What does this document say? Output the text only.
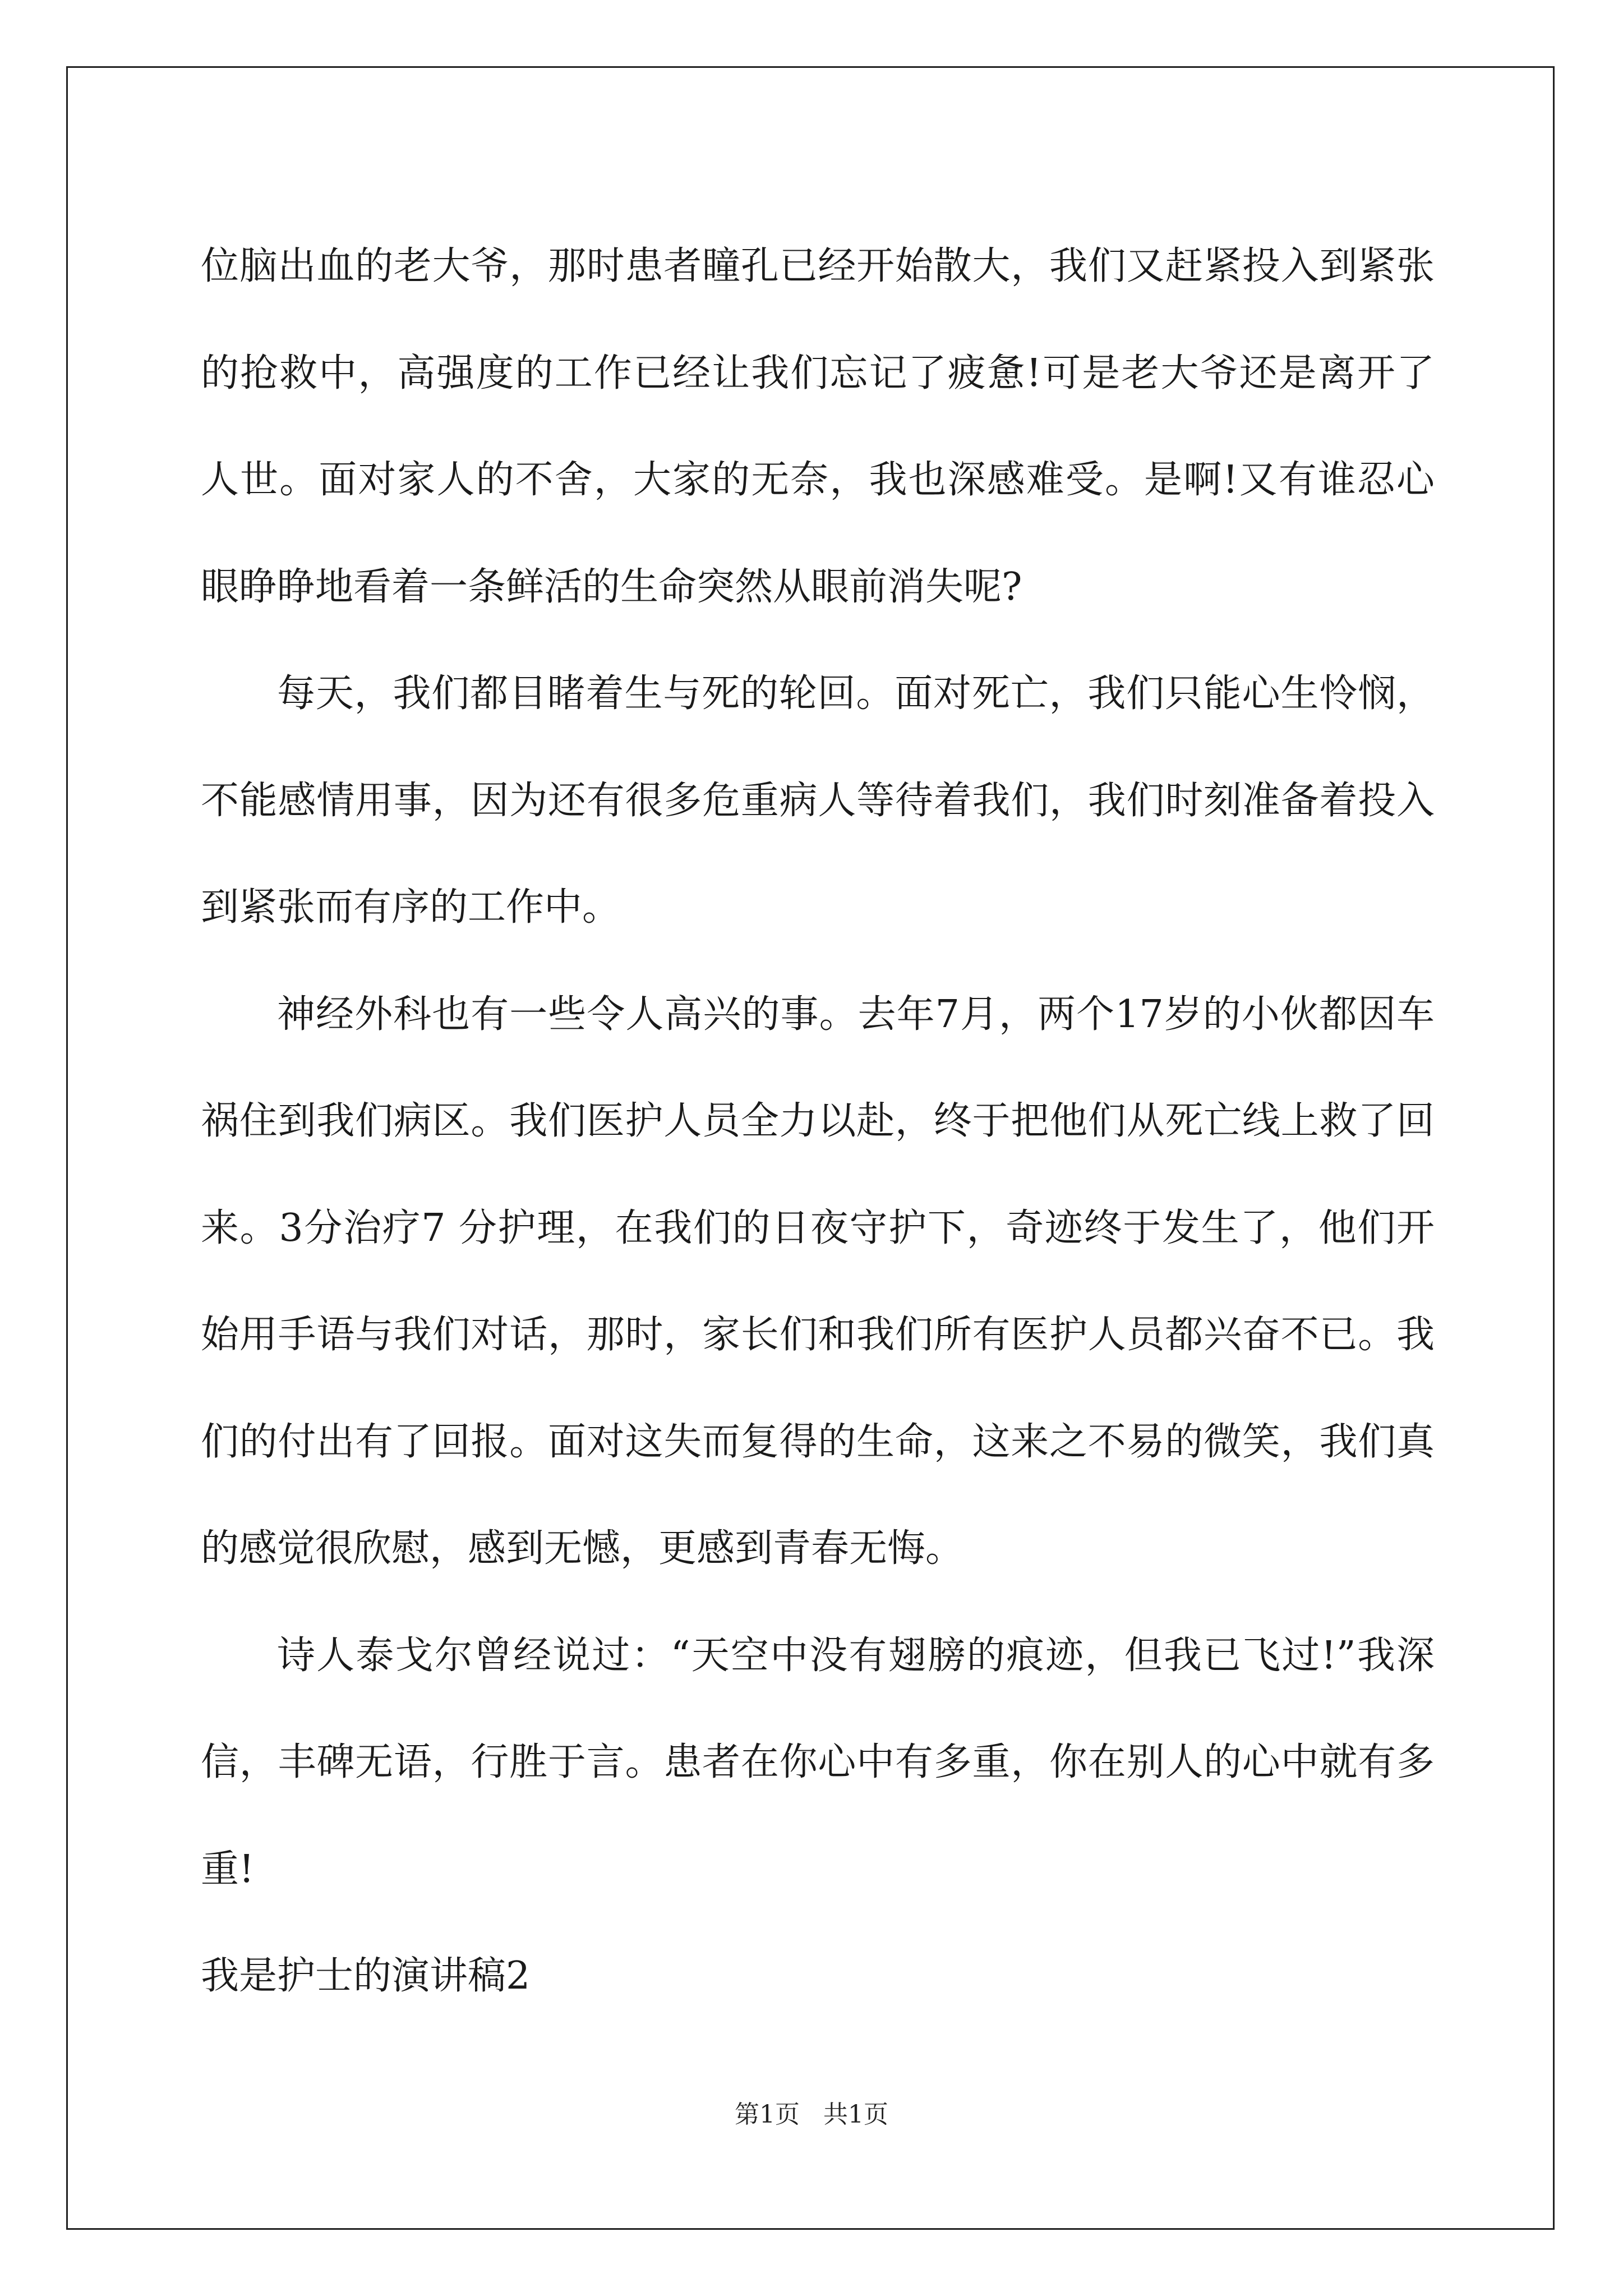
位脑出血的老大爷，那时患者瞳孔已经开始散大，我们又赶紧投入到紧张的抢救中，高强度的工作已经让我们忘记了疲惫!可是老大爷还是离开了人世。面对家人的不舍，大家的无奈，我也深感难受。是啊!又有谁忍心眼睁睁地看着一条鲜活的生命突然从眼前消失呢?

每天，我们都目睹着生与死的轮回。面对死亡，我们只能心生怜悯，不能感情用事，因为还有很多危重病人等待着我们，我们时刻准备着投入到紧张而有序的工作中。

神经外科也有一些令人高兴的事。去年7月，两个17岁的小伙都因车祸住到我们病区。我们医护人员全力以赴，终于把他们从死亡线上救了回来。3分治疗7 分护理，在我们的日夜守护下，奇迹终于发生了，他们开始用手语与我们对话，那时，家长们和我们所有医护人员都兴奋不已。我们的付出有了回报。面对这失而复得的生命，这来之不易的微笑，我们真的感觉很欣慰，感到无憾，更感到青春无悔。

诗人泰戈尔曾经说过：“天空中没有翅膀的痕迹，但我已飞过!”我深信，丰碑无语，行胜于言。患者在你心中有多重，你在别人的心中就有多重!

我是护士的演讲稿2

第1页   共1页
